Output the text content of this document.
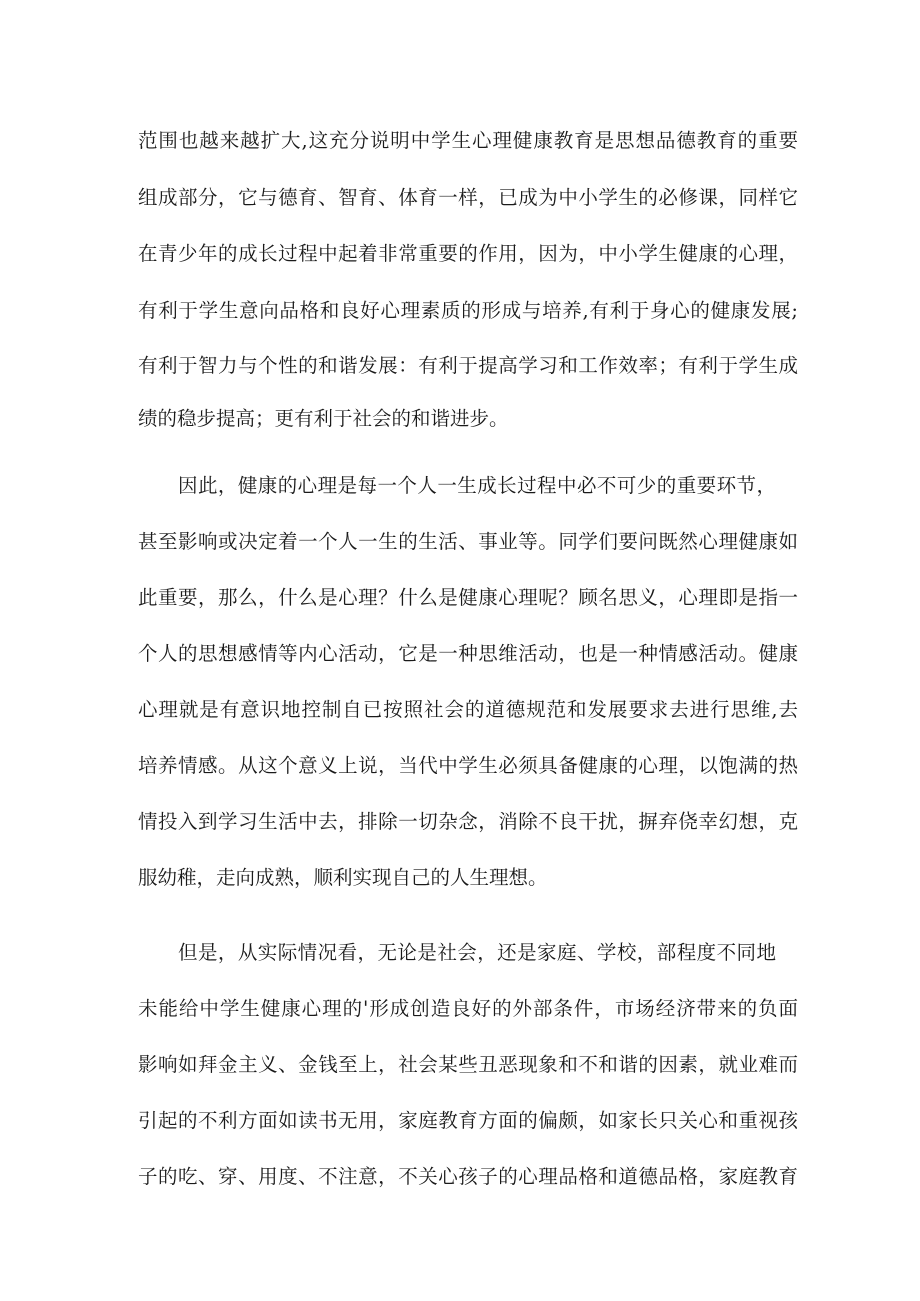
范围也越来越扩大,这充分说明中学生心理健康教育是思想品德教育的重要
组成部分，它与德育、智育、体育一样，已成为中小学生的必修课，同样它
在青少年的成长过程中起着非常重要的作用，因为，中小学生健康的心理，
有利于学生意向品格和良好心理素质的形成与培养,有利于身心的健康发展;
有利于智力与个性的和谐发展：有利于提高学习和工作效率；有利于学生成
绩的稳步提高；更有利于社会的和谐进步。
因此，健康的心理是每一个人一生成长过程中必不可少的重要环节，
甚至影响或决定着一个人一生的生活、事业等。同学们要问既然心理健康如
此重要，那么，什么是心理？什么是健康心理呢？顾名思义，心理即是指一
个人的思想感情等内心活动，它是一种思维活动，也是一种情感活动。健康
心理就是有意识地控制自已按照社会的道德规范和发展要求去进行思维,去
培养情感。从这个意义上说，当代中学生必须具备健康的心理，以饱满的热
情投入到学习生活中去，排除一切杂念，消除不良干扰，摒弃侥幸幻想，克
服幼稚，走向成熟，顺利实现自己的人生理想。
但是，从实际情况看，无论是社会，还是家庭、学校，部程度不同地
未能给中学生健康心理的'形成创造良好的外部条件，市场经济带来的负面
影响如拜金主义、金钱至上，社会某些丑恶现象和不和谐的因素，就业难而
引起的不利方面如读书无用，家庭教育方面的偏颇，如家长只关心和重视孩
子的吃、穿、用度、不注意，不关心孩子的心理品格和道德品格，家庭教育
